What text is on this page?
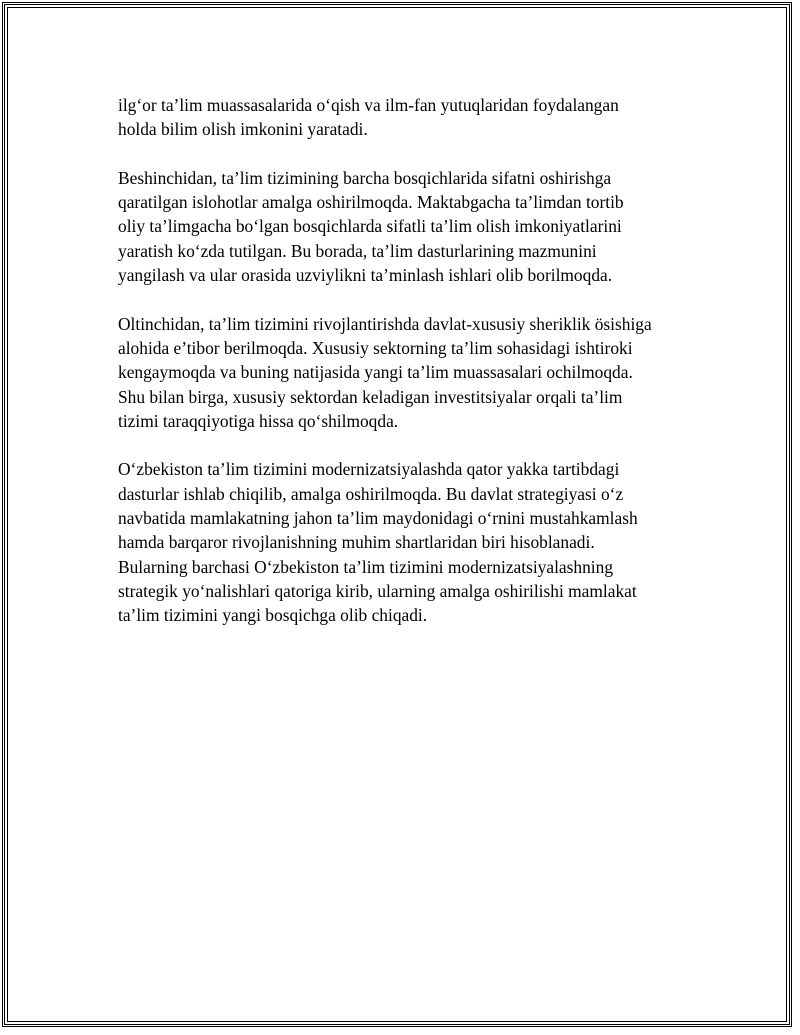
ilg‘or ta’lim muassasalarida o‘qish va ilm-fan yutuqlaridan foydalangan
holda bilim olish imkonini yaratadi.

Beshinchidan, ta’lim tizimining barcha bosqichlarida sifatni oshirishga
qaratilgan islohotlar amalga oshirilmoqda. Maktabgacha ta’limdan tortib
oliy ta’limgacha bo‘lgan bosqichlarda sifatli ta’lim olish imkoniyatlarini
yaratish ko‘zda tutilgan. Bu borada, ta’lim dasturlarining mazmunini
yangilash va ular orasida uzviylikni ta’minlash ishlari olib borilmoqda.

Oltinchidan, ta’lim tizimini rivojlantirishda davlat-xususiy sheriklik ösishiga
alohida e’tibor berilmoqda. Xususiy sektorning ta’lim sohasidagi ishtiroki
kengaymoqda va buning natijasida yangi ta’lim muassasalari ochilmoqda.
Shu bilan birga, xususiy sektordan keladigan investitsiyalar orqali ta’lim
tizimi taraqqiyotiga hissa qo‘shilmoqda.

O‘zbekiston ta’lim tizimini modernizatsiyalashda qator yakka tartibdagi
dasturlar ishlab chiqilib, amalga oshirilmoqda. Bu davlat strategiyasi o‘z
navbatida mamlakatning jahon ta’lim maydonidagi o‘rnini mustahkamlash
hamda barqaror rivojlanishning muhim shartlaridan biri hisoblanadi.
Bularning barchasi O‘zbekiston ta’lim tizimini modernizatsiyalashning
strategik yo‘nalishlari qatoriga kirib, ularning amalga oshirilishi mamlakat
ta’lim tizimini yangi bosqichga olib chiqadi.
